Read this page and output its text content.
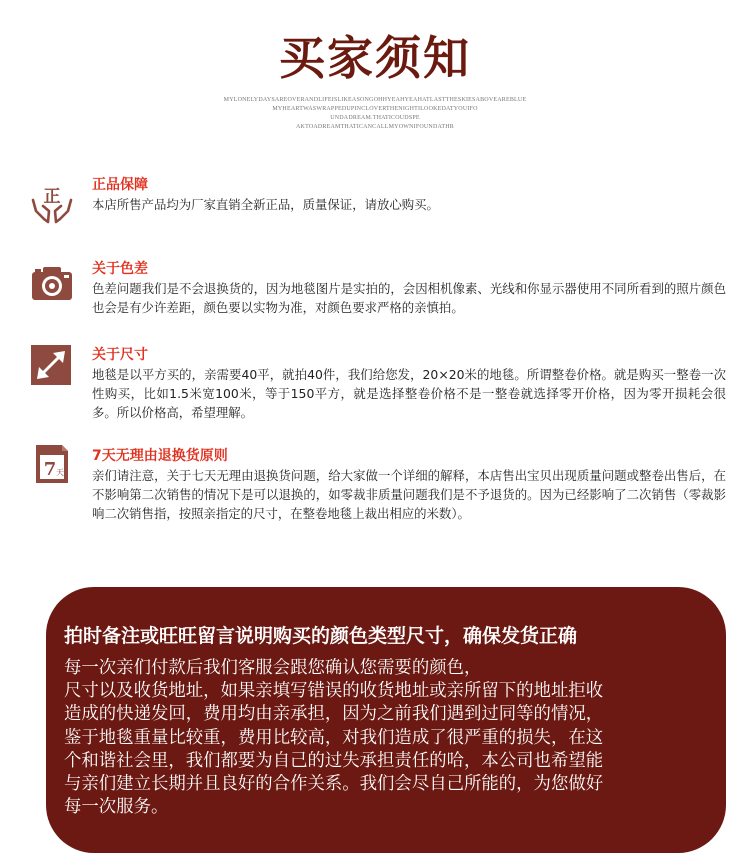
买家须知
MYLONELYDAYSAREOVERANDLIFEISLIKEASONGOHHYEAHYEAHATLASTTHESKIESABOVEAREBLUE
MYHEARTWASWRAPPEDUPINCLOVERTHENIGHTILOOKEDATYOUIFO
UNDADREAM.THATICOUDSPE
AKTOADREAMTHATICANCALLMYOWNIFOUNDATHR
正
正品保障
本店所售产品均为厂家直销全新正品，质量保证，请放心购买。
关于色差
色差问题我们是不会退换货的，因为地毯图片是实拍的，会因相机像素、光线和你显示器使用不同所看到的照片颜色也会是有少许差距，颜色要以实物为准，对颜色要求严格的亲慎拍。
关于尺寸
地毯是以平方买的，亲需要40平，就拍40件，我们给您发，20×20米的地毯。所谓整卷价格。就是购买一整卷一次性购买，比如1.5米宽100米，等于150平方，就是选择整卷价格不是一整卷就选择零开价格，因为零开损耗会很多。所以价格高，希望理解。
7 天
7天无理由退换货原则
亲们请注意，关于七天无理由退换货问题，给大家做一个详细的解释，本店售出宝贝出现质量问题或整卷出售后，在不影响第二次销售的情况下是可以退换的，如零裁非质量问题我们是不予退货的。因为已经影响了二次销售（零裁影响二次销售指，按照亲指定的尺寸，在整卷地毯上裁出相应的米数）。
拍时备注或旺旺留言说明购买的颜色类型尺寸，确保发货正确
每一次亲们付款后我们客服会跟您确认您需要的颜色，
尺寸以及收货地址，如果亲填写错误的收货地址或亲所留下的地址拒收
造成的快递发回，费用均由亲承担，因为之前我们遇到过同等的情况，
鉴于地毯重量比较重，费用比较高，对我们造成了很严重的损失，在这
个和谐社会里，我们都要为自己的过失承担责任的哈，本公司也希望能
与亲们建立长期并且良好的合作关系。我们会尽自己所能的，为您做好
每一次服务。
